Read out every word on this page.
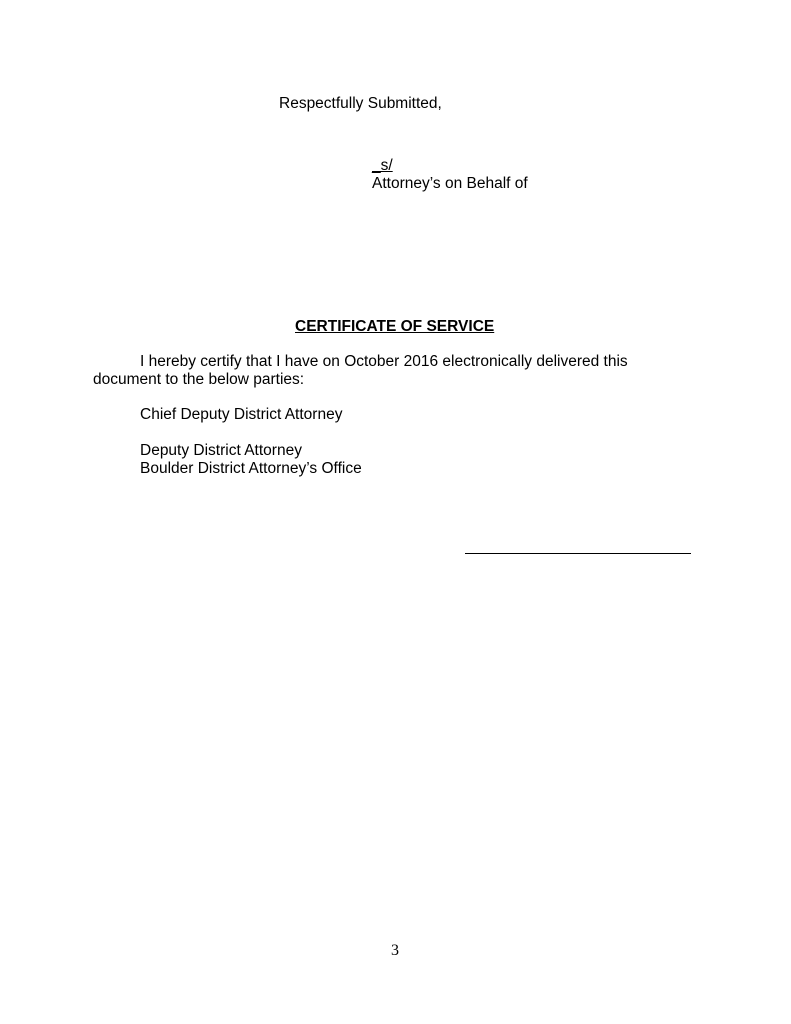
Respectfully Submitted,
_s/
Attorney’s on Behalf of
CERTIFICATE OF SERVICE
I hereby certify that I have on October 2016 electronically delivered this
document to the below parties:
Chief Deputy District Attorney
Deputy District Attorney
Boulder District Attorney’s Office
3
